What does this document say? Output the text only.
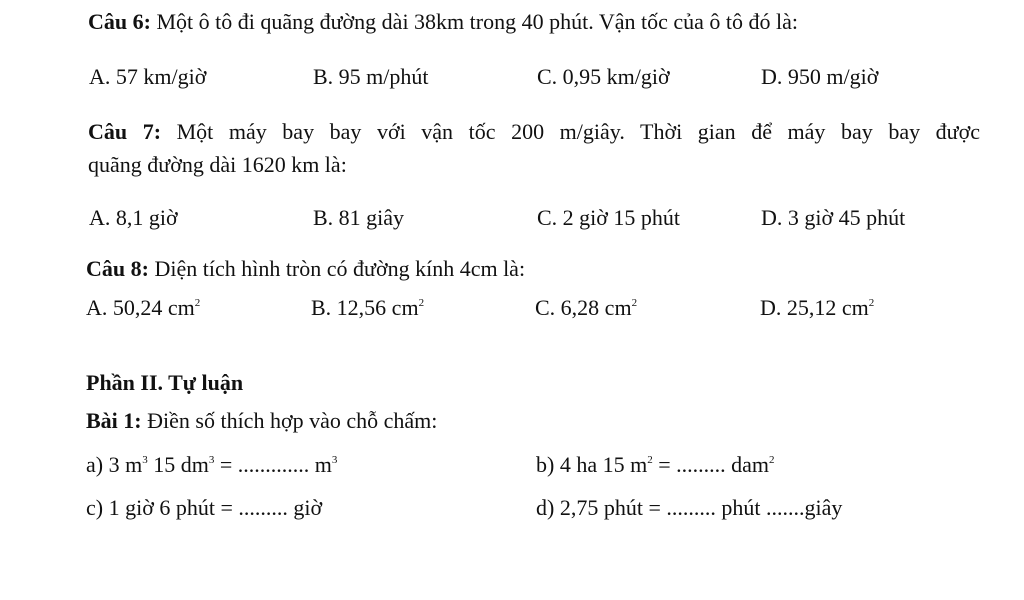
Câu 6: Một ô tô đi quãng đường dài 38km trong 40 phút. Vận tốc của ô tô đó là:
A. 57 km/giờ	B. 95 m/phút	C. 0,95 km/giờ	D. 950 m/giờ
Câu 7: Một máy bay bay với vận tốc 200 m/giây. Thời gian để máy bay bay được
quãng đường dài 1620 km là:
A. 8,1 giờ	B. 81 giây	C. 2 giờ 15 phút	D. 3 giờ 45 phút
Câu 8: Diện tích hình tròn có đường kính 4cm là:
A. 50,24 $cm^2$	B. 12,56 $cm^2$	C. 6,28 $cm^2$	D. 25,12 $cm^2$
Phần II. Tự luận
Bài 1: Điền số thích hợp vào chỗ chấm:
a) 3 $m^3$ 15 $dm^3$ = ............. $m^3$	b) 4 ha 15 $m^2$ = ......... dam$^2$
c) 1 giờ 6 phút = ......... giờ	d) 2,75 phút = ......... phút .......giây
